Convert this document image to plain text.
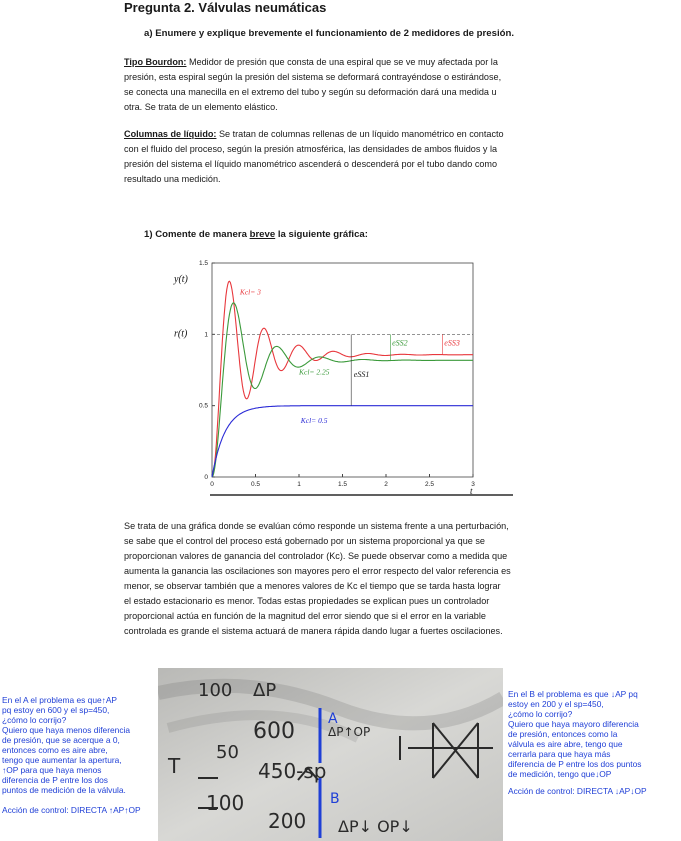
Pregunta 2. Válvulas neumáticas
a) Enumere y explique brevemente el funcionamiento de 2 medidores de presión.
Tipo Bourdon: Medidor de presión que consta de una espiral que se ve muy afectada por la
presión, esta espiral según la presión del sistema se deformará contrayéndose o estirándose,
se conecta una manecilla en el extremo del tubo y según su deformación dará una medida u
otra. Se trata de un elemento elástico.
Columnas de líquido: Se tratan de columnas rellenas de un líquido manométrico en contacto
con el fluido del proceso, según la presión atmosférica, las densidades de ambos fluidos y la
presión del sistema el líquido manométrico ascenderá o descenderá por el tubo dando como
resultado una medición.
1) Comente de manera breve la siguiente gráfica:
0	0.5	1	1.5	2	2.5	3
0
0.5
1
1.5
y(t)
r(t)
t
Kcl= 3
Kcl= 2.25
Kcl= 0.5
eSS1
eSS2	eSS3
Se trata de una gráfica donde se evalúan cómo responde un sistema frente a una perturbación,
se sabe que el control del proceso está gobernado por un sistema proporcional ya que se
proporcionan valores de ganancia del controlador (Kc). Se puede observar como a medida que
aumenta la ganancia las oscilaciones son mayores pero el error respecto del valor referencia es
menor, se observar también que a menores valores de Kc el tiempo que se tarda hasta lograr
el estado estacionario es menor. Todas estas propiedades se explican pues un controlador
proporcional actúa en función de la magnitud del error siendo que si el error en la variable
controlada es grande el sistema actuará de manera rápida dando lugar a fuertes oscilaciones.
En el A el problema es que↑AP
pq estoy en 600 y el sp=450,
¿cómo lo corrijo?
Quiero que haya menos diferencia
de presión, que se acerque a 0,
entonces como es aire abre,
tengo que aumentar la apertura,
↑OP para que haya menos
diferencia de P entre los dos
puntos de medición de la válvula.
Acción de control: DIRECTA ↑AP↑OP
100 ΔP
600
50
450-sp
100
200 ΔP↓ OP↓
T
ΔP↑OP
A
B
En el B el problema es que ↓AP pq
estoy en 200 y el sp=450,
¿cómo lo corrijo?
Quiero que haya mayoro diferencia
de presión, entonces como la
válvula es aire abre, tengo que
cerrarla para que haya más
diferencia de P entre los dos puntos
de medición, tengo que↓OP
Acción de control: DIRECTA ↓AP↓OP
